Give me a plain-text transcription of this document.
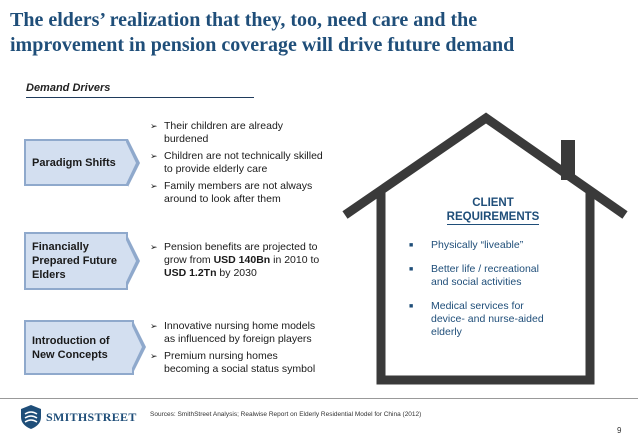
The elders’ realization that they, too, need care and the
improvement in pension coverage will drive future demand
Demand Drivers
Paradigm Shifts
Financially
Prepared Future
Elders
Introduction of
New Concepts
➢ Their children are already
burdened
➢ Children are not technically skilled
to provide elderly care
➢ Family members are not always
around to look after them
➢ Pension benefits are projected to
grow from USD 140Bn in 2010 to
USD 1.2Tn by 2030
➢ Innovative nursing home models
as influenced by foreign players
➢ Premium nursing homes
becoming a social status symbol
CLIENT
REQUIREMENTS
■	Physically “liveable”
■	Better life / recreational
and social activities
■	Medical services for
device- and nurse-aided
elderly
SMITHSTREET Sources: SmithStreet Analysis; Realwise Report on Elderly Residential Model for China (2012)
9
